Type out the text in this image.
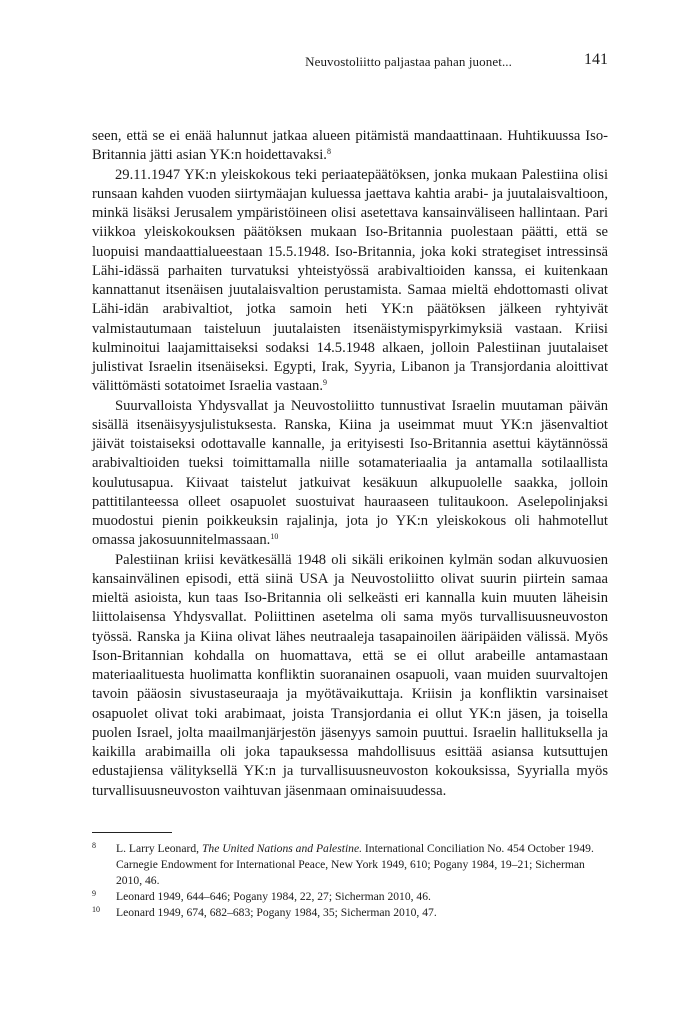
Neuvostoliitto paljastaa pahan juonet...	141

seen, että se ei enää halunnut jatkaa alueen pitämistä mandaattinaan. Huhtikuussa Iso-Britannia jätti asian YK:n hoidettavaksi.$^8$

29.11.1947 YK:n yleiskokous teki periaatepäätöksen, jonka mukaan Palestiina olisi runsaan kahden vuoden siirtymäajan kuluessa jaettava kahtia arabi- ja juutalaisvaltioon, minkä lisäksi Jerusalem ympäristöineen olisi asetettava kansainväliseen hallintaan. Pari viikkoa yleiskokouksen päätöksen mukaan Iso-Britannia puolestaan päätti, että se luopuisi mandaattialueestaan 15.5.1948. Iso-Britannia, joka koki strategiset intressinsä Lähi-idässä parhaiten turvatuksi yhteistyössä arabivaltioiden kanssa, ei kuitenkaan kannattanut itsenäisen juutalaisvaltion perustamista. Samaa mieltä ehdottomasti olivat Lähi-idän arabivaltiot, jotka samoin heti YK:n päätöksen jälkeen ryhtyivät valmistautumaan taisteluun juutalaisten itsenäistymispyrkimyksiä vastaan. Kriisi kulminoitui laajamittaiseksi sodaksi 14.5.1948 alkaen, jolloin Palestiinan juutalaiset julistivat Israelin itsenäiseksi. Egypti, Irak, Syyria, Libanon ja Transjordania aloittivat välittömästi sotatoimet Israelia vastaan.$^9$

Suurvalloista Yhdysvallat ja Neuvostoliitto tunnustivat Israelin muutaman päivän sisällä itsenäisyysjulistuksesta. Ranska, Kiina ja useimmat muut YK:n jäsenvaltiot jäivät toistaiseksi odottavalle kannalle, ja erityisesti Iso-Britannia asettui käytännössä arabivaltioiden tueksi toimittamalla niille sotamateriaalia ja antamalla sotilaallista koulutusapua. Kiivaat taistelut jatkuivat kesäkuun alkupuolelle saakka, jolloin pattitilanteessa olleet osapuolet suostuivat hauraaseen tulitaukoon. Aselepolinjaksi muodostui pienin poikkeuksin rajalinja, jota jo YK:n yleiskokous oli hahmotellut omassa jakosuunnitelmassaan.$^{10}$

Palestiinan kriisi kevätkesällä 1948 oli sikäli erikoinen kylmän sodan alkuvuosien kansainvälinen episodi, että siinä USA ja Neuvostoliitto olivat suurin piirtein samaa mieltä asioista, kun taas Iso-Britannia oli selkeästi eri kannalla kuin muuten läheisin liittolaisensa Yhdysvallat. Poliittinen asetelma oli sama myös turvallisuusneuvoston työssä. Ranska ja Kiina olivat lähes neutraaleja tasapainoilen ääripäiden välissä. Myös Ison-Britannian kohdalla on huomattava, että se ei ollut arabeille antamastaan materiaalituesta huolimatta konfliktin suoranainen osapuoli, vaan muiden suurvaltojen tavoin pääosin sivustaseuraaja ja myötävaikuttaja. Kriisin ja konfliktin varsinaiset osapuolet olivat toki arabimaat, joista Transjordania ei ollut YK:n jäsen, ja toisella puolen Israel, jolta maailmanjärjestön jäsenyys samoin puuttui. Israelin hallituksella ja kaikilla arabimailla oli joka tapauksessa mahdollisuus esittää asiansa kutsuttujen edustajiensa välityksellä YK:n ja turvallisuusneuvoston kokouksissa, Syyrialla myös turvallisuusneuvoston vaihtuvan jäsenmaan ominaisuudessa.

8 L. Larry Leonard, The United Nations and Palestine. International Conciliation No. 454 October 1949. Carnegie Endowment for International Peace, New York 1949, 610; Pogany 1984, 19–21; Sicherman 2010, 46.
9 Leonard 1949, 644–646; Pogany 1984, 22, 27; Sicherman 2010, 46.
10 Leonard 1949, 674, 682–683; Pogany 1984, 35; Sicherman 2010, 47.
